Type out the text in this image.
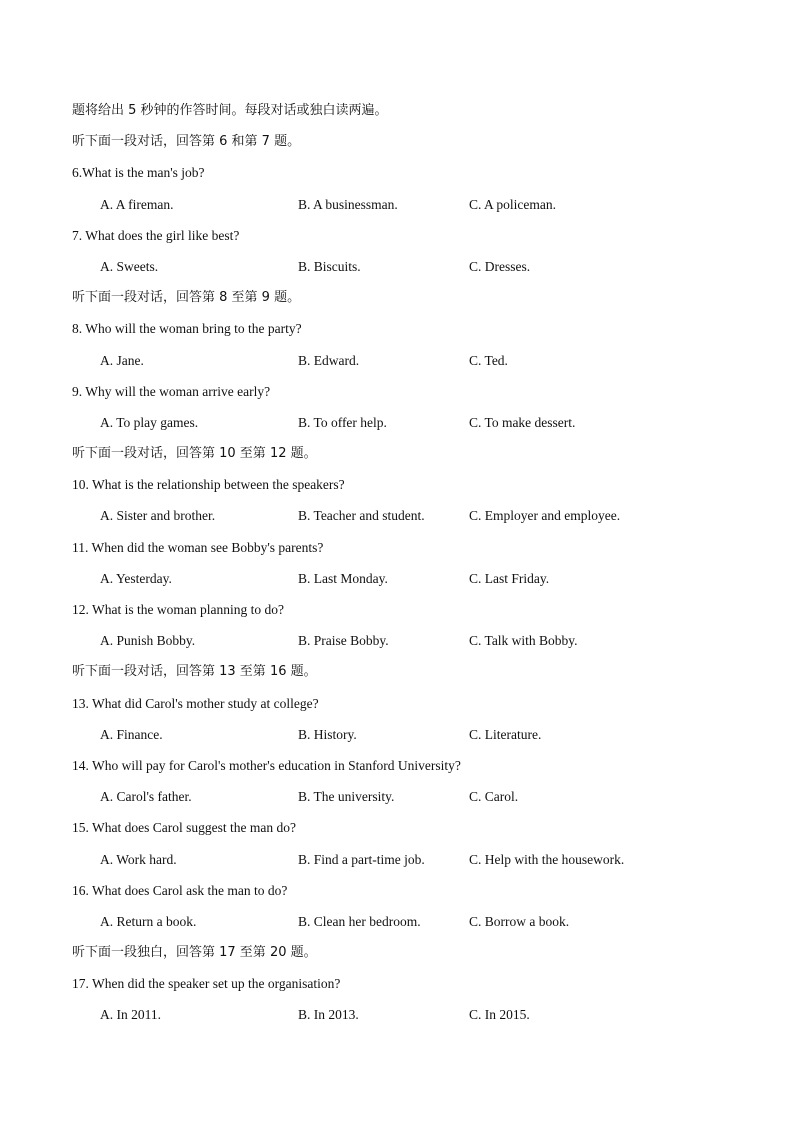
题将给出 5 秒钟的作答时间。每段对话或独白读两遍。
听下面一段对话，回答第 6 和第 7 题。
6.What is the man's job?
A. A fireman.	B. A businessman.	C. A policeman.
7. What does the girl like best?
A. Sweets.	B. Biscuits.	C. Dresses.
听下面一段对话，回答第 8 至第 9 题。
8. Who will the woman bring to the party?
A. Jane.	B. Edward.	C. Ted.
9. Why will the woman arrive early?
A. To play games.	B. To offer help.	C. To make dessert.
听下面一段对话，回答第 10 至第 12 题。
10. What is the relationship between the speakers?
A. Sister and brother.	B. Teacher and student.	C. Employer and employee.
11. When did the woman see Bobby's parents?
A. Yesterday.	B. Last Monday.	C. Last Friday.
12. What is the woman planning to do?
A. Punish Bobby.	B. Praise Bobby.	C. Talk with Bobby.
听下面一段对话，回答第 13 至第 16 题。
13. What did Carol's mother study at college?
A. Finance.	B. History.	C. Literature.
14. Who will pay for Carol's mother's education in Stanford University?
A. Carol's father.	B. The university.	C. Carol.
15. What does Carol suggest the man do?
A. Work hard.	B. Find a part-time job.	C. Help with the housework.
16. What does Carol ask the man to do?
A. Return a book.	B. Clean her bedroom.	C. Borrow a book.
听下面一段独白，回答第 17 至第 20 题。
17. When did the speaker set up the organisation?
A. In 2011.	B. In 2013.	C. In 2015.
